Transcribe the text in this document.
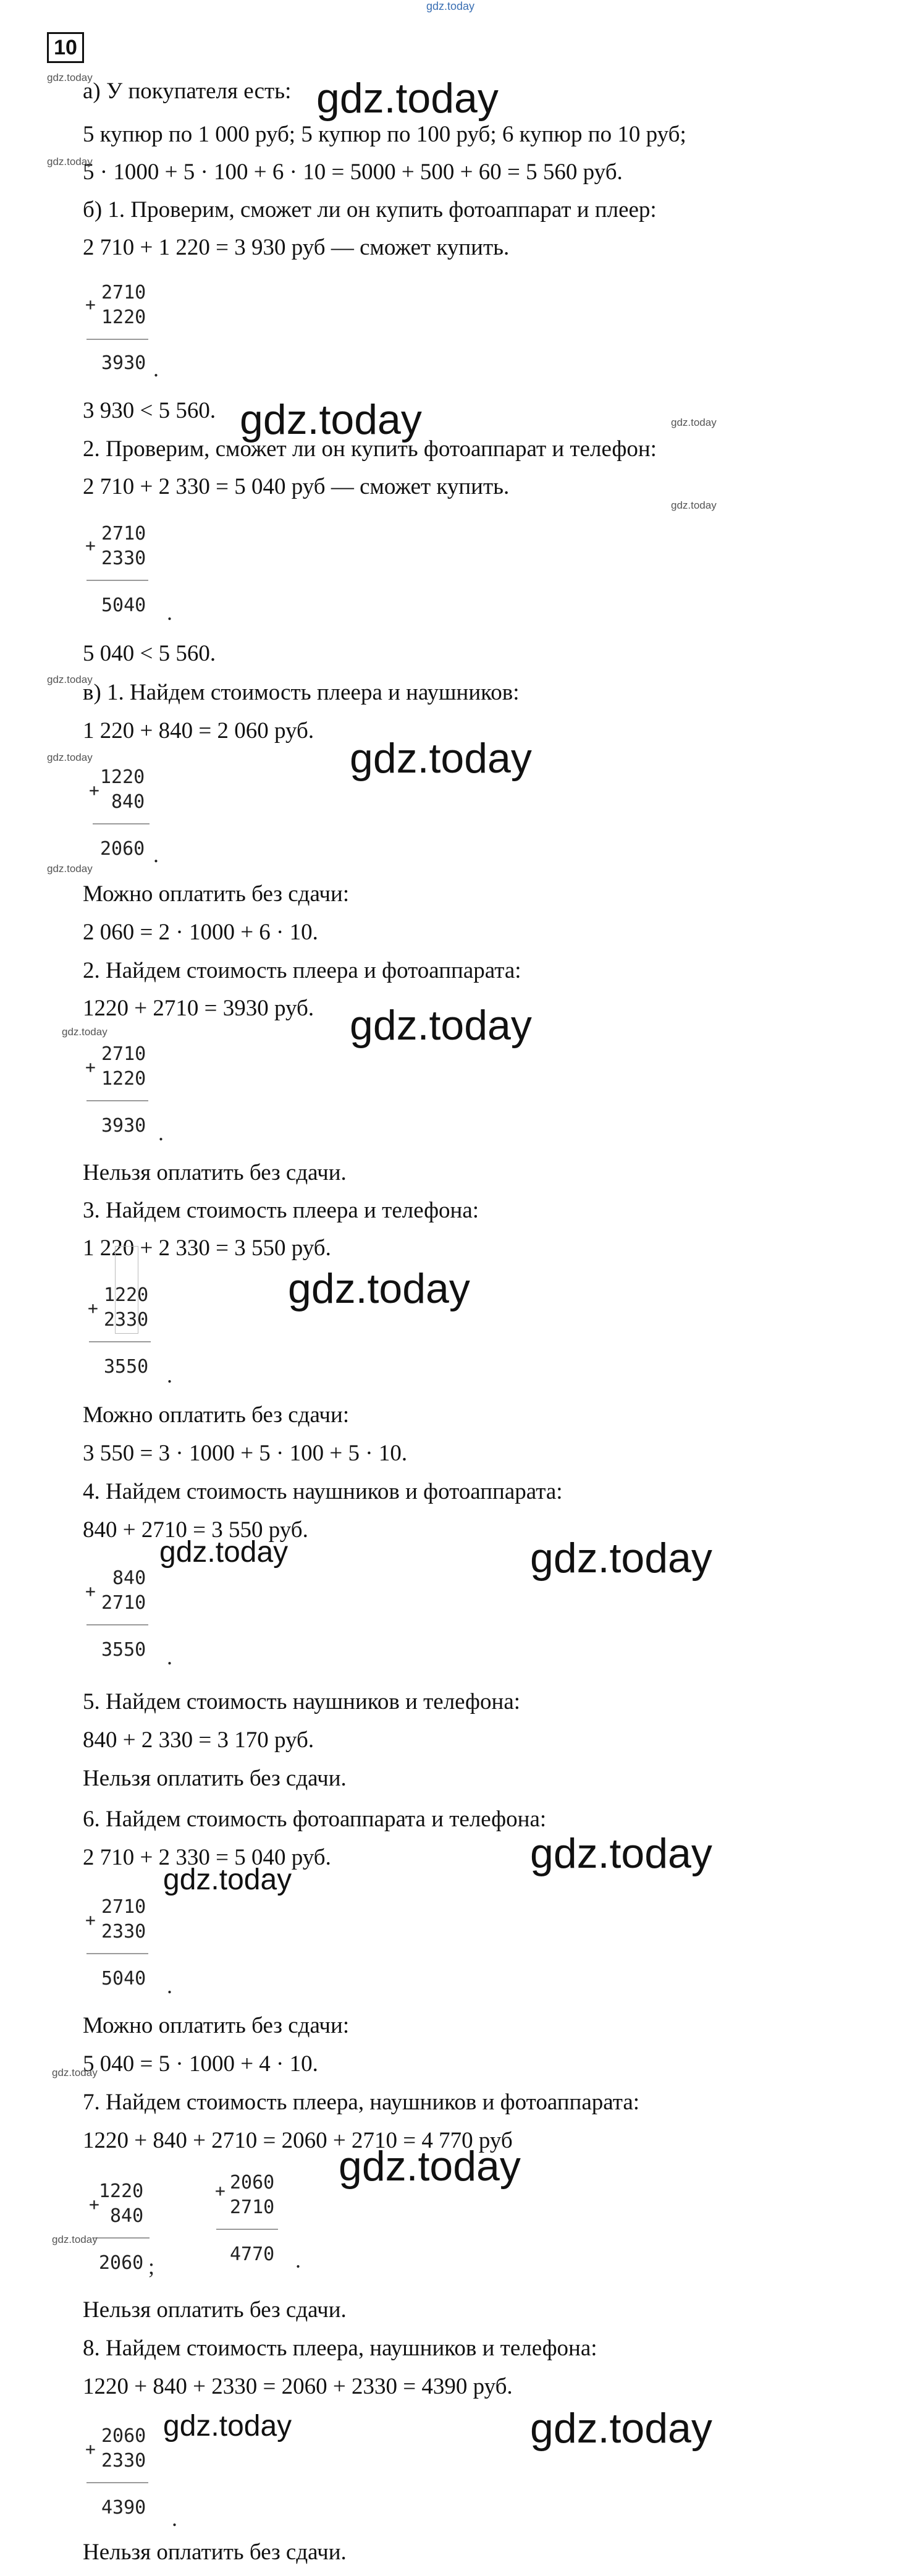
gdz.today
10
а) У покупателя есть:
5 купюр по 1 000 руб; 5 купюр по 100 руб; 6 купюр по 10 руб;
5 · 1000 + 5 · 100 + 6 · 10 = 5000 + 500 + 60 = 5 560 руб.
б) 1. Проверим, сможет ли он купить фотоаппарат и плеер:
2 710 + 1 220 = 3 930 руб — сможет купить.
+
2710
1220
3930 .
3 930 < 5 560.
2. Проверим, сможет ли он купить фотоаппарат и телефон:
2 710 + 2 330 = 5 040 руб — сможет купить.
+
2710
2330
5040 .
5 040 < 5 560.
в) 1. Найдем стоимость плеера и наушников:
1 220 + 840 = 2 060 руб.
+
1220
840
2060 .
Можно оплатить без сдачи:
2 060 = 2 · 1000 + 6 · 10.
2. Найдем стоимость плеера и фотоаппарата:
1220 + 2710 = 3930 руб.
+
2710
1220
3930 .
Нельзя оплатить без сдачи.
3. Найдем стоимость плеера и телефона:
1 220 + 2 330 = 3 550 руб.
+
1220
2330
3550 .
Можно оплатить без сдачи:
3 550 = 3 · 1000 + 5 · 100 + 5 · 10.
4. Найдем стоимость наушников и фотоаппарата:
840 + 2710 = 3 550 руб.
+
840
2710
3550 .
5. Найдем стоимость наушников и телефона:
840 + 2 330 = 3 170 руб.
Нельзя оплатить без сдачи.
6. Найдем стоимость фотоаппарата и телефона:
2 710 + 2 330 = 5 040 руб.
+
2710
2330
5040 .
Можно оплатить без сдачи:
5 040 = 5 · 1000 + 4 · 10.
7. Найдем стоимость плеера, наушников и фотоаппарата:
1220 + 840 + 2710 = 2060 + 2710 = 4 770 руб
+
1220
840
2060 ;
+ 2060
2710
4770 .
Нельзя оплатить без сдачи.
8. Найдем стоимость плеера, наушников и телефона:
1220 + 840 + 2330 = 2060 + 2330 = 4390 руб.
+
2060
2330
4390 .
Нельзя оплатить без сдачи.
gdz.today
gdz.today
gdz.today
gdz.today
gdz.today
gdz.today
gdz.today
gdz.today
gdz.today
gdz.today
gdz.today
gdz.today
gdz.today
gdz.today
gdz.today
gdz.today
gdz.today
gdz.today
gdz.today
gdz.today
gdz.today
gdz.today
